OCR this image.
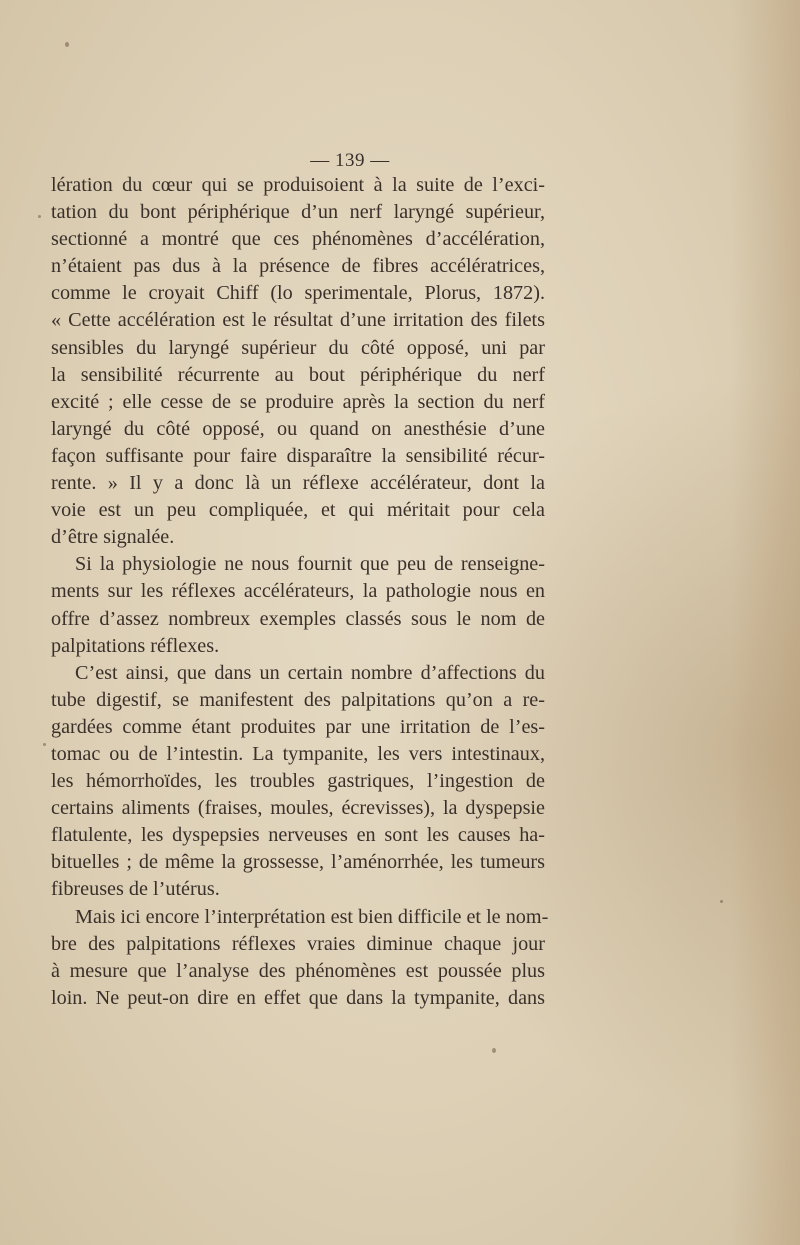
— 139 —
lération du cœur qui se produisoient à la suite de l’exci-
tation du bont périphérique d’un nerf laryngé supérieur,
sectionné a montré que ces phénomènes d’accélération,
n’étaient pas dus à la présence de fibres accélératrices,
comme le croyait Chiff (lo sperimentale, Plorus, 1872).
« Cette accélération est le résultat d’une irritation des filets
sensibles du laryngé supérieur du côté opposé, uni par
la sensibilité récurrente au bout périphérique du nerf
excité ; elle cesse de se produire après la section du nerf
laryngé du côté opposé, ou quand on anesthésie d’une
façon suffisante pour faire disparaître la sensibilité récur-
rente. » Il y a donc là un réflexe accélérateur, dont la
voie est un peu compliquée, et qui méritait pour cela
d’être signalée.
Si la physiologie ne nous fournit que peu de renseigne-
ments sur les réflexes accélérateurs, la pathologie nous en
offre d’assez nombreux exemples classés sous le nom de
palpitations réflexes.
C’est ainsi, que dans un certain nombre d’affections du
tube digestif, se manifestent des palpitations qu’on a re-
gardées comme étant produites par une irritation de l’es-
tomac ou de l’intestin. La tympanite, les vers intestinaux,
les hémorrhoïdes, les troubles gastriques, l’ingestion de
certains aliments (fraises, moules, écrevisses), la dyspepsie
flatulente, les dyspepsies nerveuses en sont les causes ha-
bituelles ; de même la grossesse, l’aménorrhée, les tumeurs
fibreuses de l’utérus.
Mais ici encore l’interprétation est bien difficile et le nom-
bre des palpitations réflexes vraies diminue chaque jour
à mesure que l’analyse des phénomènes est poussée plus
loin. Ne peut-on dire en effet que dans la tympanite, dans
